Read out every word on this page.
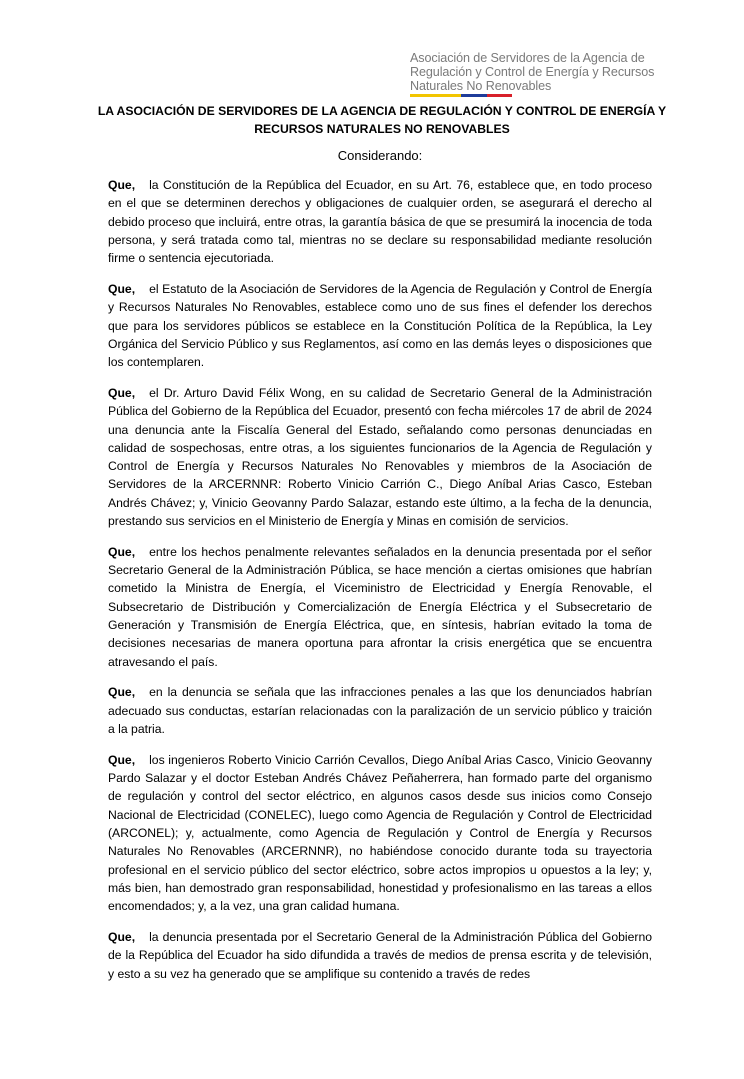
Asociación de Servidores de la Agencia de
Regulación y Control de Energía y Recursos
Naturales No Renovables
LA ASOCIACIÓN DE SERVIDORES DE LA AGENCIA DE REGULACIÓN Y CONTROL DE ENERGÍA Y RECURSOS NATURALES NO RENOVABLES
Considerando:

Que, la Constitución de la República del Ecuador, en su Art. 76, establece que, en todo proceso en el que se determinen derechos y obligaciones de cualquier orden, se asegurará el derecho al debido proceso que incluirá, entre otras, la garantía básica de que se presumirá la inocencia de toda persona, y será tratada como tal, mientras no se declare su responsabilidad mediante resolución firme o sentencia ejecutoriada.

Que, el Estatuto de la Asociación de Servidores de la Agencia de Regulación y Control de Energía y Recursos Naturales No Renovables, establece como uno de sus fines el defender los derechos que para los servidores públicos se establece en la Constitución Política de la República, la Ley Orgánica del Servicio Público y sus Reglamentos, así como en las demás leyes o disposiciones que los contemplaren.

Que, el Dr. Arturo David Félix Wong, en su calidad de Secretario General de la Administración Pública del Gobierno de la República del Ecuador, presentó con fecha miércoles 17 de abril de 2024 una denuncia ante la Fiscalía General del Estado, señalando como personas denunciadas en calidad de sospechosas, entre otras, a los siguientes funcionarios de la Agencia de Regulación y Control de Energía y Recursos Naturales No Renovables y miembros de la Asociación de Servidores de la ARCERNNR: Roberto Vinicio Carrión C., Diego Aníbal Arias Casco, Esteban Andrés Chávez; y, Vinicio Geovanny Pardo Salazar, estando este último, a la fecha de la denuncia, prestando sus servicios en el Ministerio de Energía y Minas en comisión de servicios.

Que, entre los hechos penalmente relevantes señalados en la denuncia presentada por el señor Secretario General de la Administración Pública, se hace mención a ciertas omisiones que habrían cometido la Ministra de Energía, el Viceministro de Electricidad y Energía Renovable, el Subsecretario de Distribución y Comercialización de Energía Eléctrica y el Subsecretario de Generación y Transmisión de Energía Eléctrica, que, en síntesis, habrían evitado la toma de decisiones necesarias de manera oportuna para afrontar la crisis energética que se encuentra atravesando el país.

Que, en la denuncia se señala que las infracciones penales a las que los denunciados habrían adecuado sus conductas, estarían relacionadas con la paralización de un servicio público y traición a la patria.

Que, los ingenieros Roberto Vinicio Carrión Cevallos, Diego Aníbal Arias Casco, Vinicio Geovanny Pardo Salazar y el doctor Esteban Andrés Chávez Peñaherrera, han formado parte del organismo de regulación y control del sector eléctrico, en algunos casos desde sus inicios como Consejo Nacional de Electricidad (CONELEC), luego como Agencia de Regulación y Control de Electricidad (ARCONEL); y, actualmente, como Agencia de Regulación y Control de Energía y Recursos Naturales No Renovables (ARCERNNR), no habiéndose conocido durante toda su trayectoria profesional en el servicio público del sector eléctrico, sobre actos impropios u opuestos a la ley; y, más bien, han demostrado gran responsabilidad, honestidad y profesionalismo en las tareas a ellos encomendados; y, a la vez, una gran calidad humana.

Que, la denuncia presentada por el Secretario General de la Administración Pública del Gobierno de la República del Ecuador ha sido difundida a través de medios de prensa escrita y de televisión, y esto a su vez ha generado que se amplifique su contenido a través de redes
